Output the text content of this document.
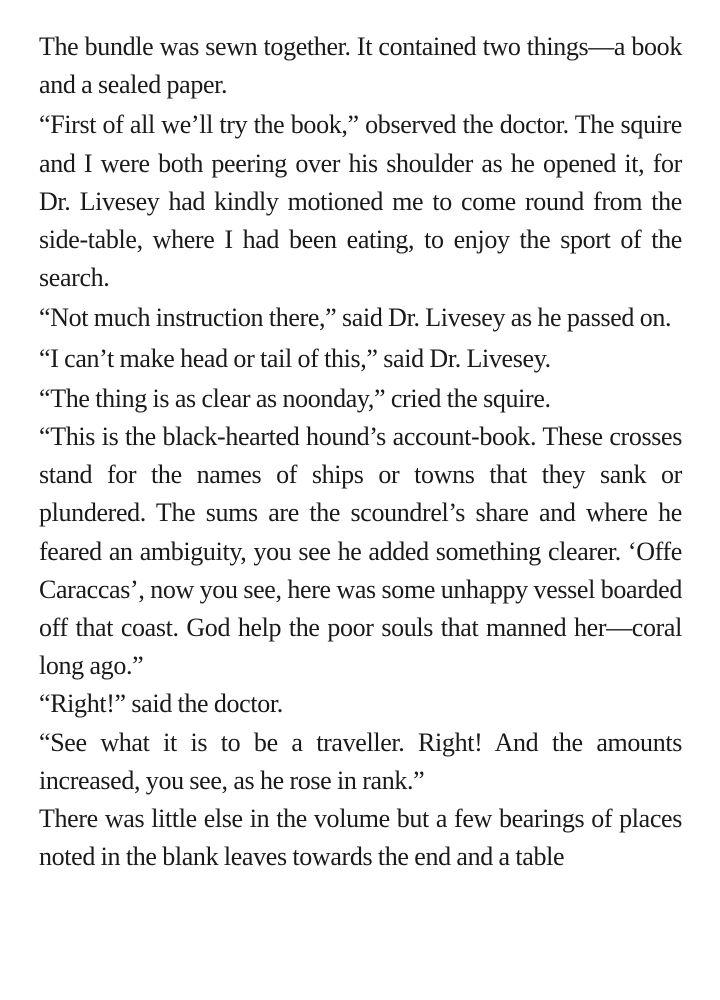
The bundle was sewn together. It contained two things—a book and a sealed paper.

“First of all we’ll try the book,” observed the doctor. The squire and I were both peering over his shoulder as he opened it, for Dr. Livesey had kindly motioned me to come round from the side-table, where I had been eating, to enjoy the sport of the search.

“Not much instruction there,” said Dr. Livesey as he passed on.

“I can’t make head or tail of this,” said Dr. Livesey.

“The thing is as clear as noonday,” cried the squire.

“This is the black-hearted hound’s account-book. These crosses stand for the names of ships or towns that they sank or plundered. The sums are the scoundrel’s share and where he feared an ambiguity, you see he added something clearer. ‘Offe Caraccas’, now you see, here was some unhappy vessel boarded off that coast. God help the poor souls that manned her—coral long ago.”

“Right!” said the doctor.

“See what it is to be a traveller. Right! And the amounts increased, you see, as he rose in rank.”

There was little else in the volume but a few bearings of places noted in the blank leaves towards the end and a table
